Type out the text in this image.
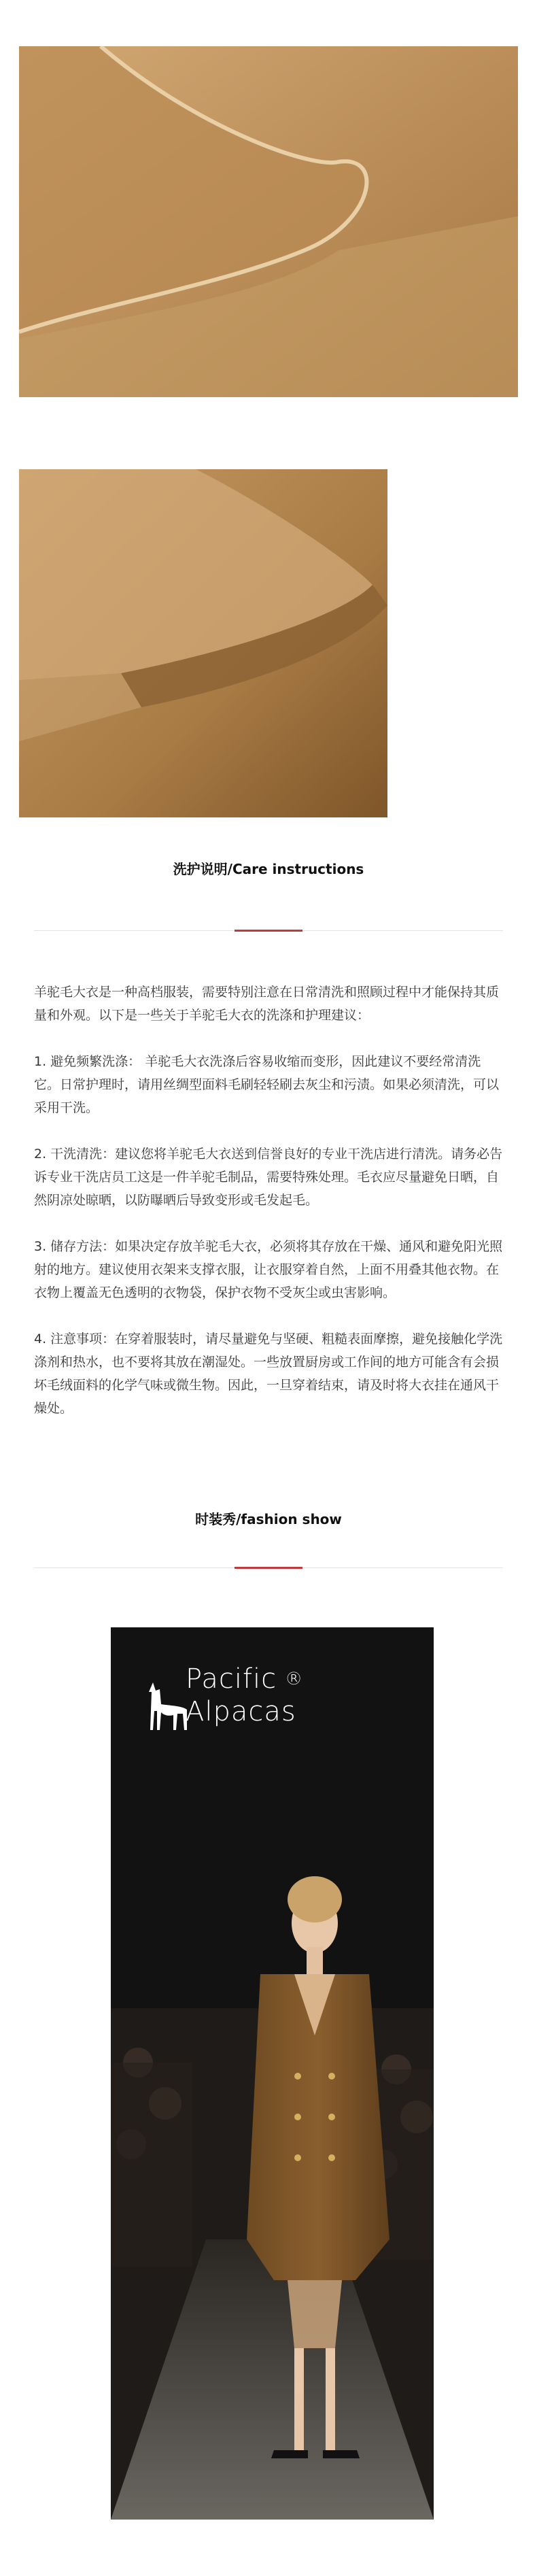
洗护说明/Care instructions

羊驼毛大衣是一种高档服装，需要特别注意在日常清洗和照顾过程中才能保持其质量和外观。以下是一些关于羊驼毛大衣的洗涤和护理建议：

1. 避免频繁洗涤： 羊驼毛大衣洗涤后容易收缩而变形，因此建议不要经常清洗它。日常护理时，请用丝绸型面料毛刷轻轻刷去灰尘和污渍。如果必须清洗，可以采用干洗。

2. 干洗清洗：建议您将羊驼毛大衣送到信誉良好的专业干洗店进行清洗。请务必告诉专业干洗店员工这是一件羊驼毛制品，需要特殊处理。毛衣应尽量避免日晒，自然阴凉处晾晒，以防曝晒后导致变形或毛发起毛。

3. 储存方法：如果决定存放羊驼毛大衣，必须将其存放在干燥、通风和避免阳光照射的地方。建议使用衣架来支撑衣服，让衣服穿着自然，上面不用叠其他衣物。在衣物上覆盖无色透明的衣物袋，保护衣物不受灰尘或虫害影响。

4. 注意事项：在穿着服装时，请尽量避免与坚硬、粗糙表面摩擦，避免接触化学洗涤剂和热水，也不要将其放在潮湿处。一些放置厨房或工作间的地方可能含有会损坏毛绒面料的化学气味或微生物。因此，一旦穿着结束，请及时将大衣挂在通风干燥处。

时装秀/fashion show
Pacific ®
Alpacas
